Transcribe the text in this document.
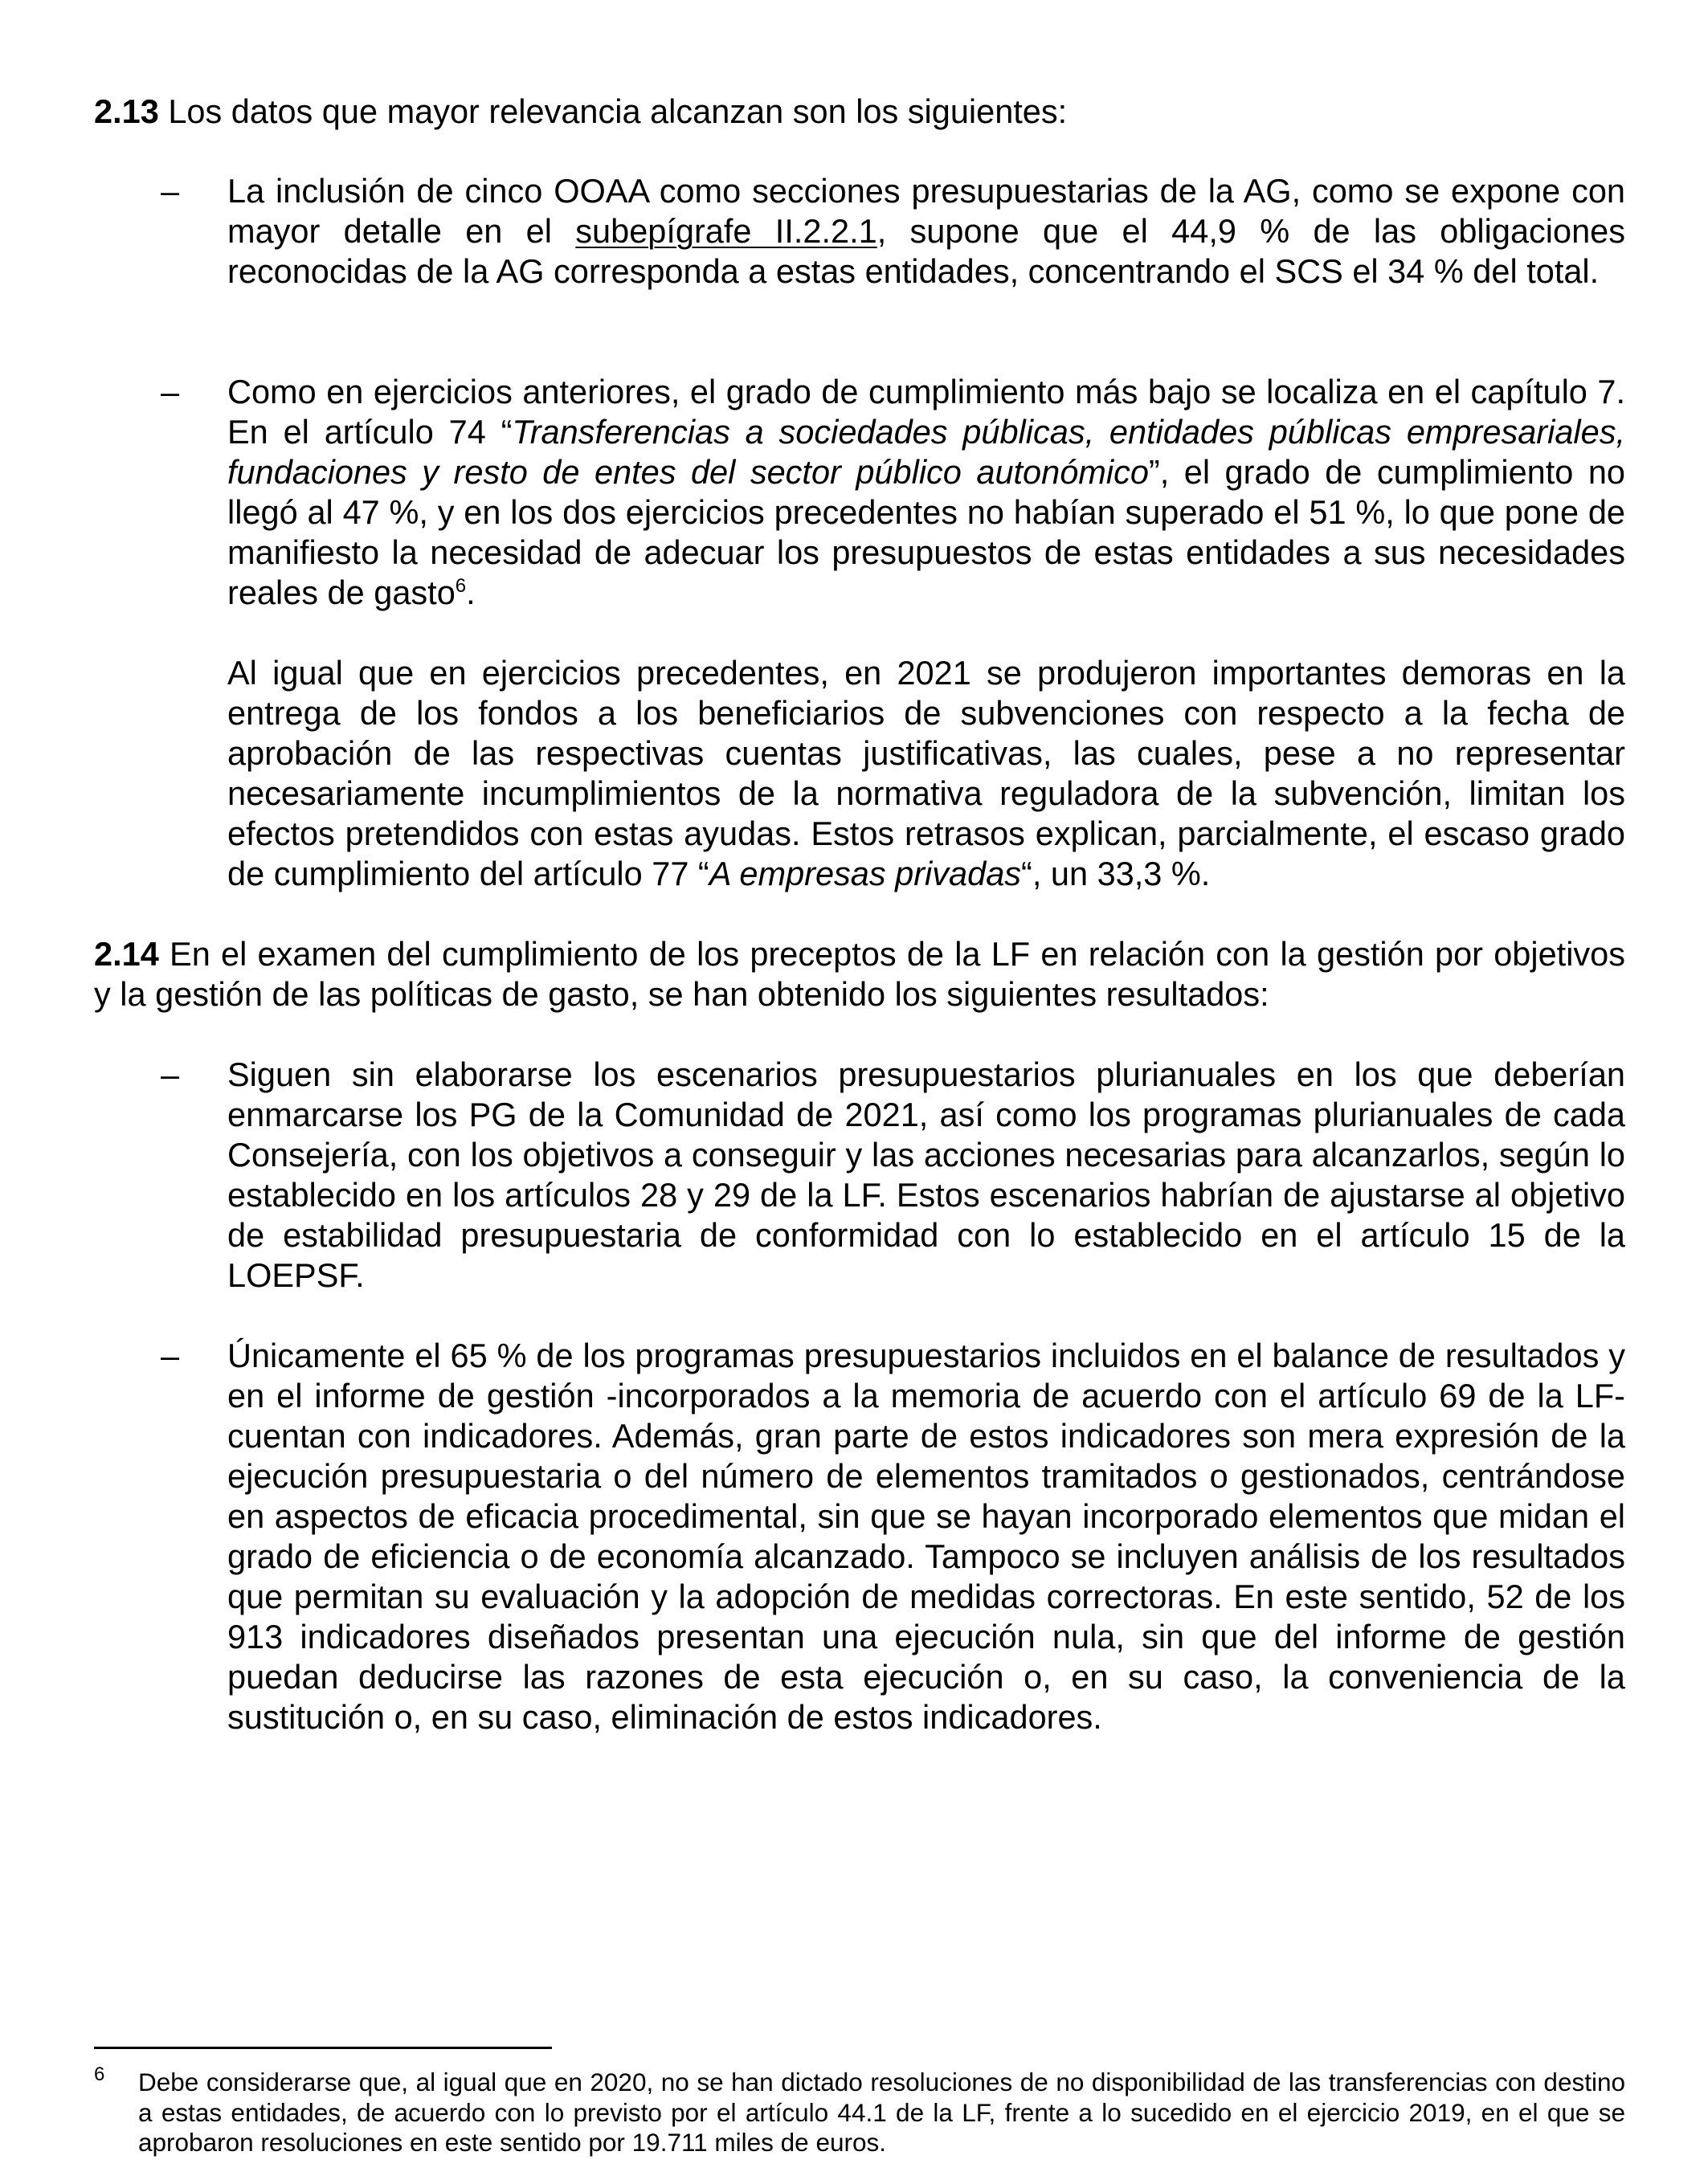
2.13 Los datos que mayor relevancia alcanzan son los siguientes:

– La inclusión de cinco OOAA como secciones presupuestarias de la AG, como se expone con mayor detalle en el subepígrafe II.2.2.1, supone que el 44,9 % de las obligaciones reconocidas de la AG corresponda a estas entidades, concentrando el SCS el 34 % del total.

– Como en ejercicios anteriores, el grado de cumplimiento más bajo se localiza en el capítulo 7. En el artículo 74 “Transferencias a sociedades públicas, entidades públicas empresariales, fundaciones y resto de entes del sector público autonómico”, el grado de cumplimiento no llegó al 47 %, y en los dos ejercicios precedentes no habían superado el 51 %, lo que pone de manifiesto la necesidad de adecuar los presupuestos de estas entidades a sus necesidades reales de gasto$^6$.

Al igual que en ejercicios precedentes, en 2021 se produjeron importantes demoras en la entrega de los fondos a los beneficiarios de subvenciones con respecto a la fecha de aprobación de las respectivas cuentas justificativas, las cuales, pese a no representar necesariamente incumplimientos de la normativa reguladora de la subvención, limitan los efectos pretendidos con estas ayudas. Estos retrasos explican, parcialmente, el escaso grado de cumplimiento del artículo 77 “A empresas privadas“, un 33,3 %.

2.14 En el examen del cumplimiento de los preceptos de la LF en relación con la gestión por objetivos y la gestión de las políticas de gasto, se han obtenido los siguientes resultados:

– Siguen sin elaborarse los escenarios presupuestarios plurianuales en los que deberían enmarcarse los PG de la Comunidad de 2021, así como los programas plurianuales de cada Consejería, con los objetivos a conseguir y las acciones necesarias para alcanzarlos, según lo establecido en los artículos 28 y 29 de la LF. Estos escenarios habrían de ajustarse al objetivo de estabilidad presupuestaria de conformidad con lo establecido en el artículo 15 de la LOEPSF.

– Únicamente el 65 % de los programas presupuestarios incluidos en el balance de resultados y en el informe de gestión -incorporados a la memoria de acuerdo con el artículo 69 de la LF- cuentan con indicadores. Además, gran parte de estos indicadores son mera expresión de la ejecución presupuestaria o del número de elementos tramitados o gestionados, centrándose en aspectos de eficacia procedimental, sin que se hayan incorporado elementos que midan el grado de eficiencia o de economía alcanzado. Tampoco se incluyen análisis de los resultados que permitan su evaluación y la adopción de medidas correctoras. En este sentido, 52 de los 913 indicadores diseñados presentan una ejecución nula, sin que del informe de gestión puedan deducirse las razones de esta ejecución o, en su caso, la conveniencia de la sustitución o, en su caso, eliminación de estos indicadores.

6 Debe considerarse que, al igual que en 2020, no se han dictado resoluciones de no disponibilidad de las transferencias con destino a estas entidades, de acuerdo con lo previsto por el artículo 44.1 de la LF, frente a lo sucedido en el ejercicio 2019, en el que se aprobaron resoluciones en este sentido por 19.711 miles de euros.
